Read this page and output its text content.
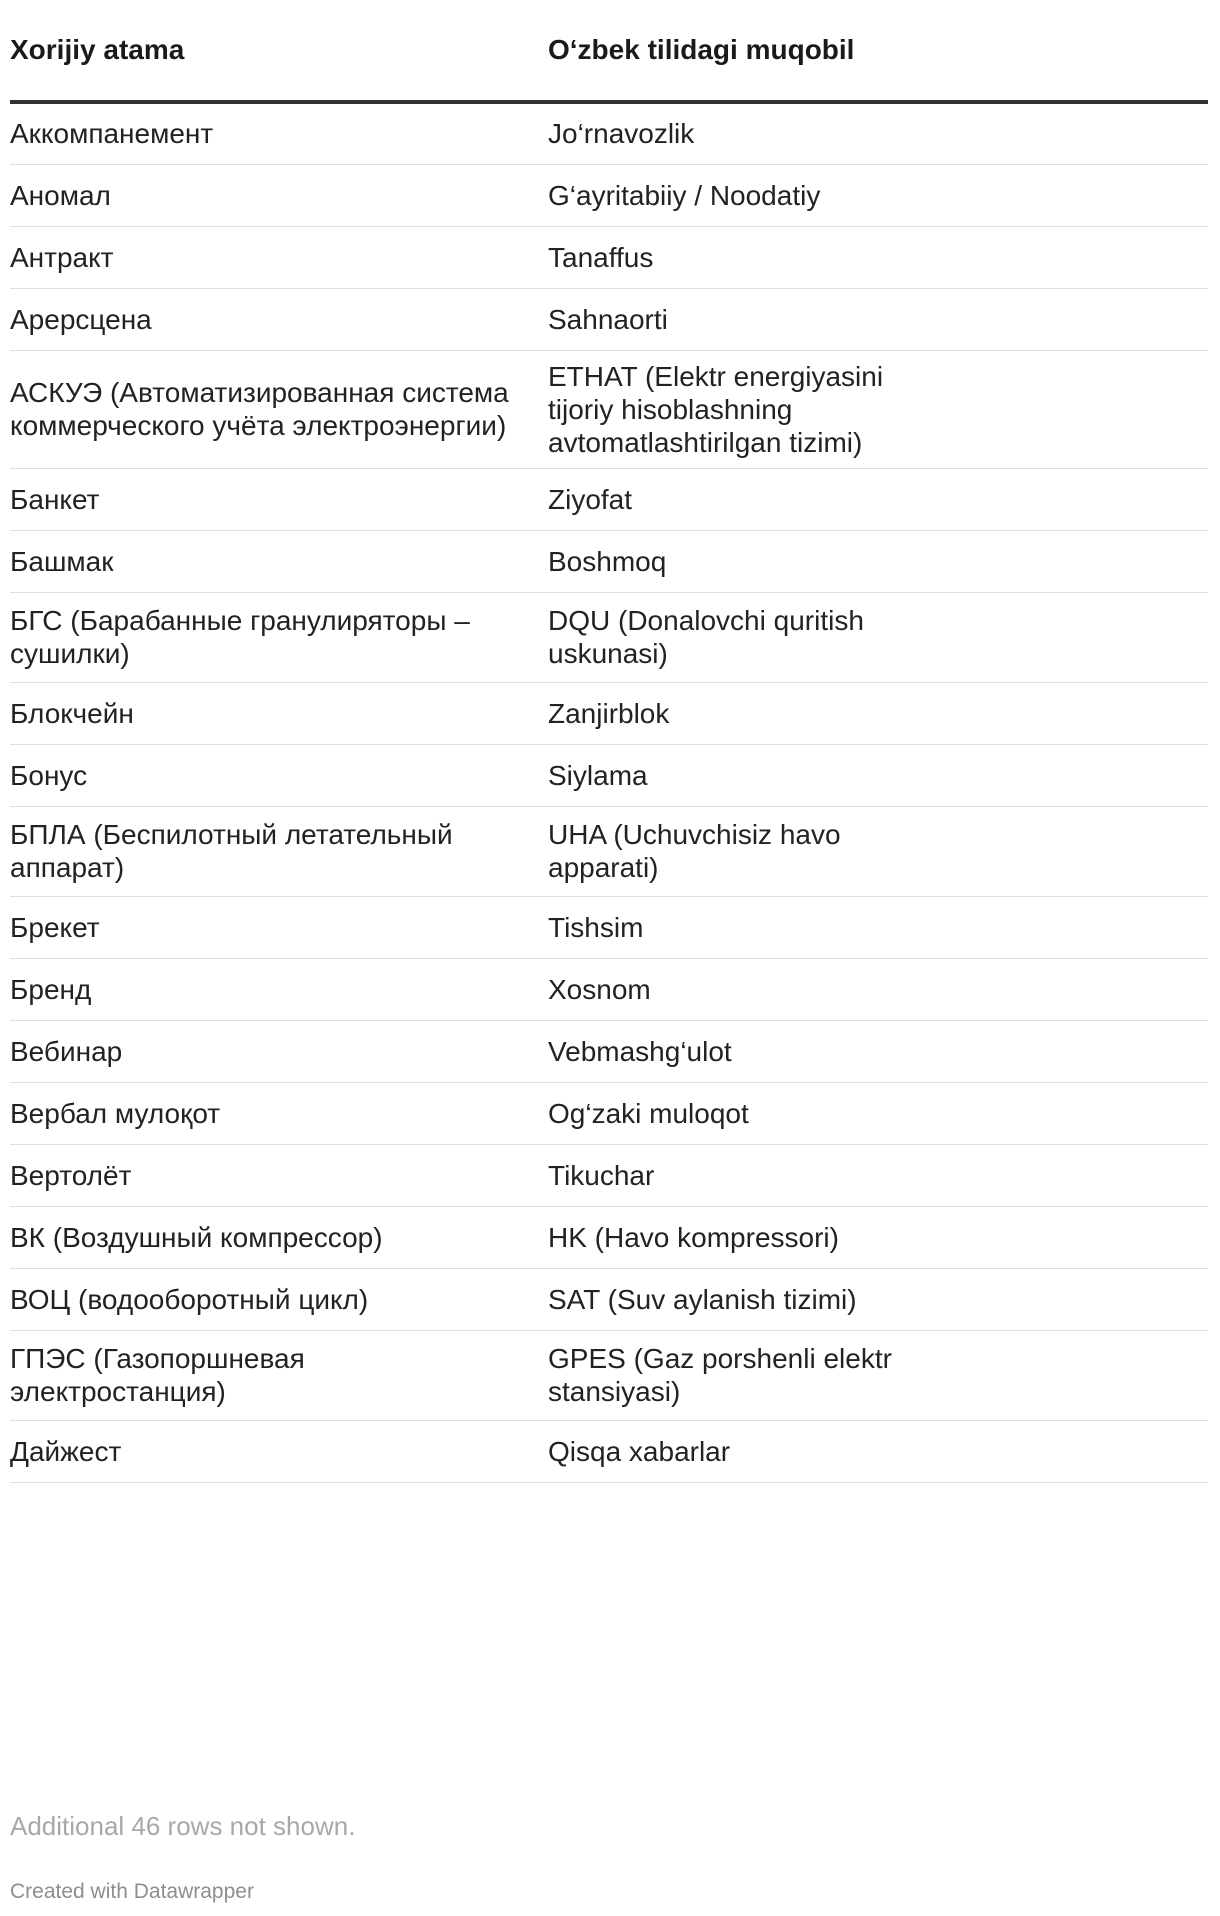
Xorijiy atama	O‘zbek tilidagi muqobil
Аккомпанемент	Jo‘rnavozlik
Аномал	G‘ayritabiiy / Noodatiy
Антракт	Tanaffus
Арерсцена	Sahnaorti
АСКУЭ (Автоматизированная система коммерческого учёта электроэнергии)	ETHAT (Elektr energiyasini tijoriy hisoblashning avtomatlashtirilgan tizimi)
Банкет	Ziyofat
Башмак	Boshmoq
БГС (Барабанные гранулиряторы – сушилки)	DQU (Donalovchi quritish uskunasi)
Блокчейн	Zanjirblok
Бонус	Siylama
БПЛА (Беспилотный летательный аппарат)	UHA (Uchuvchisiz havo apparati)
Брекет	Tishsim
Бренд	Xosnom
Вебинар	Vebmashg‘ulot
Вербал мулоқот	Og‘zaki muloqot
Вертолёт	Tikuchar
ВК (Воздушный компрессор)	HK (Havo kompressori)
ВОЦ (водооборотный цикл)	SAT (Suv aylanish tizimi)
ГПЭС (Газопоршневая электростанция)	GPES (Gaz porshenli elektr stansiyasi)
Дайжест	Qisqa xabarlar
Additional 46 rows not shown.
Created with Datawrapper
